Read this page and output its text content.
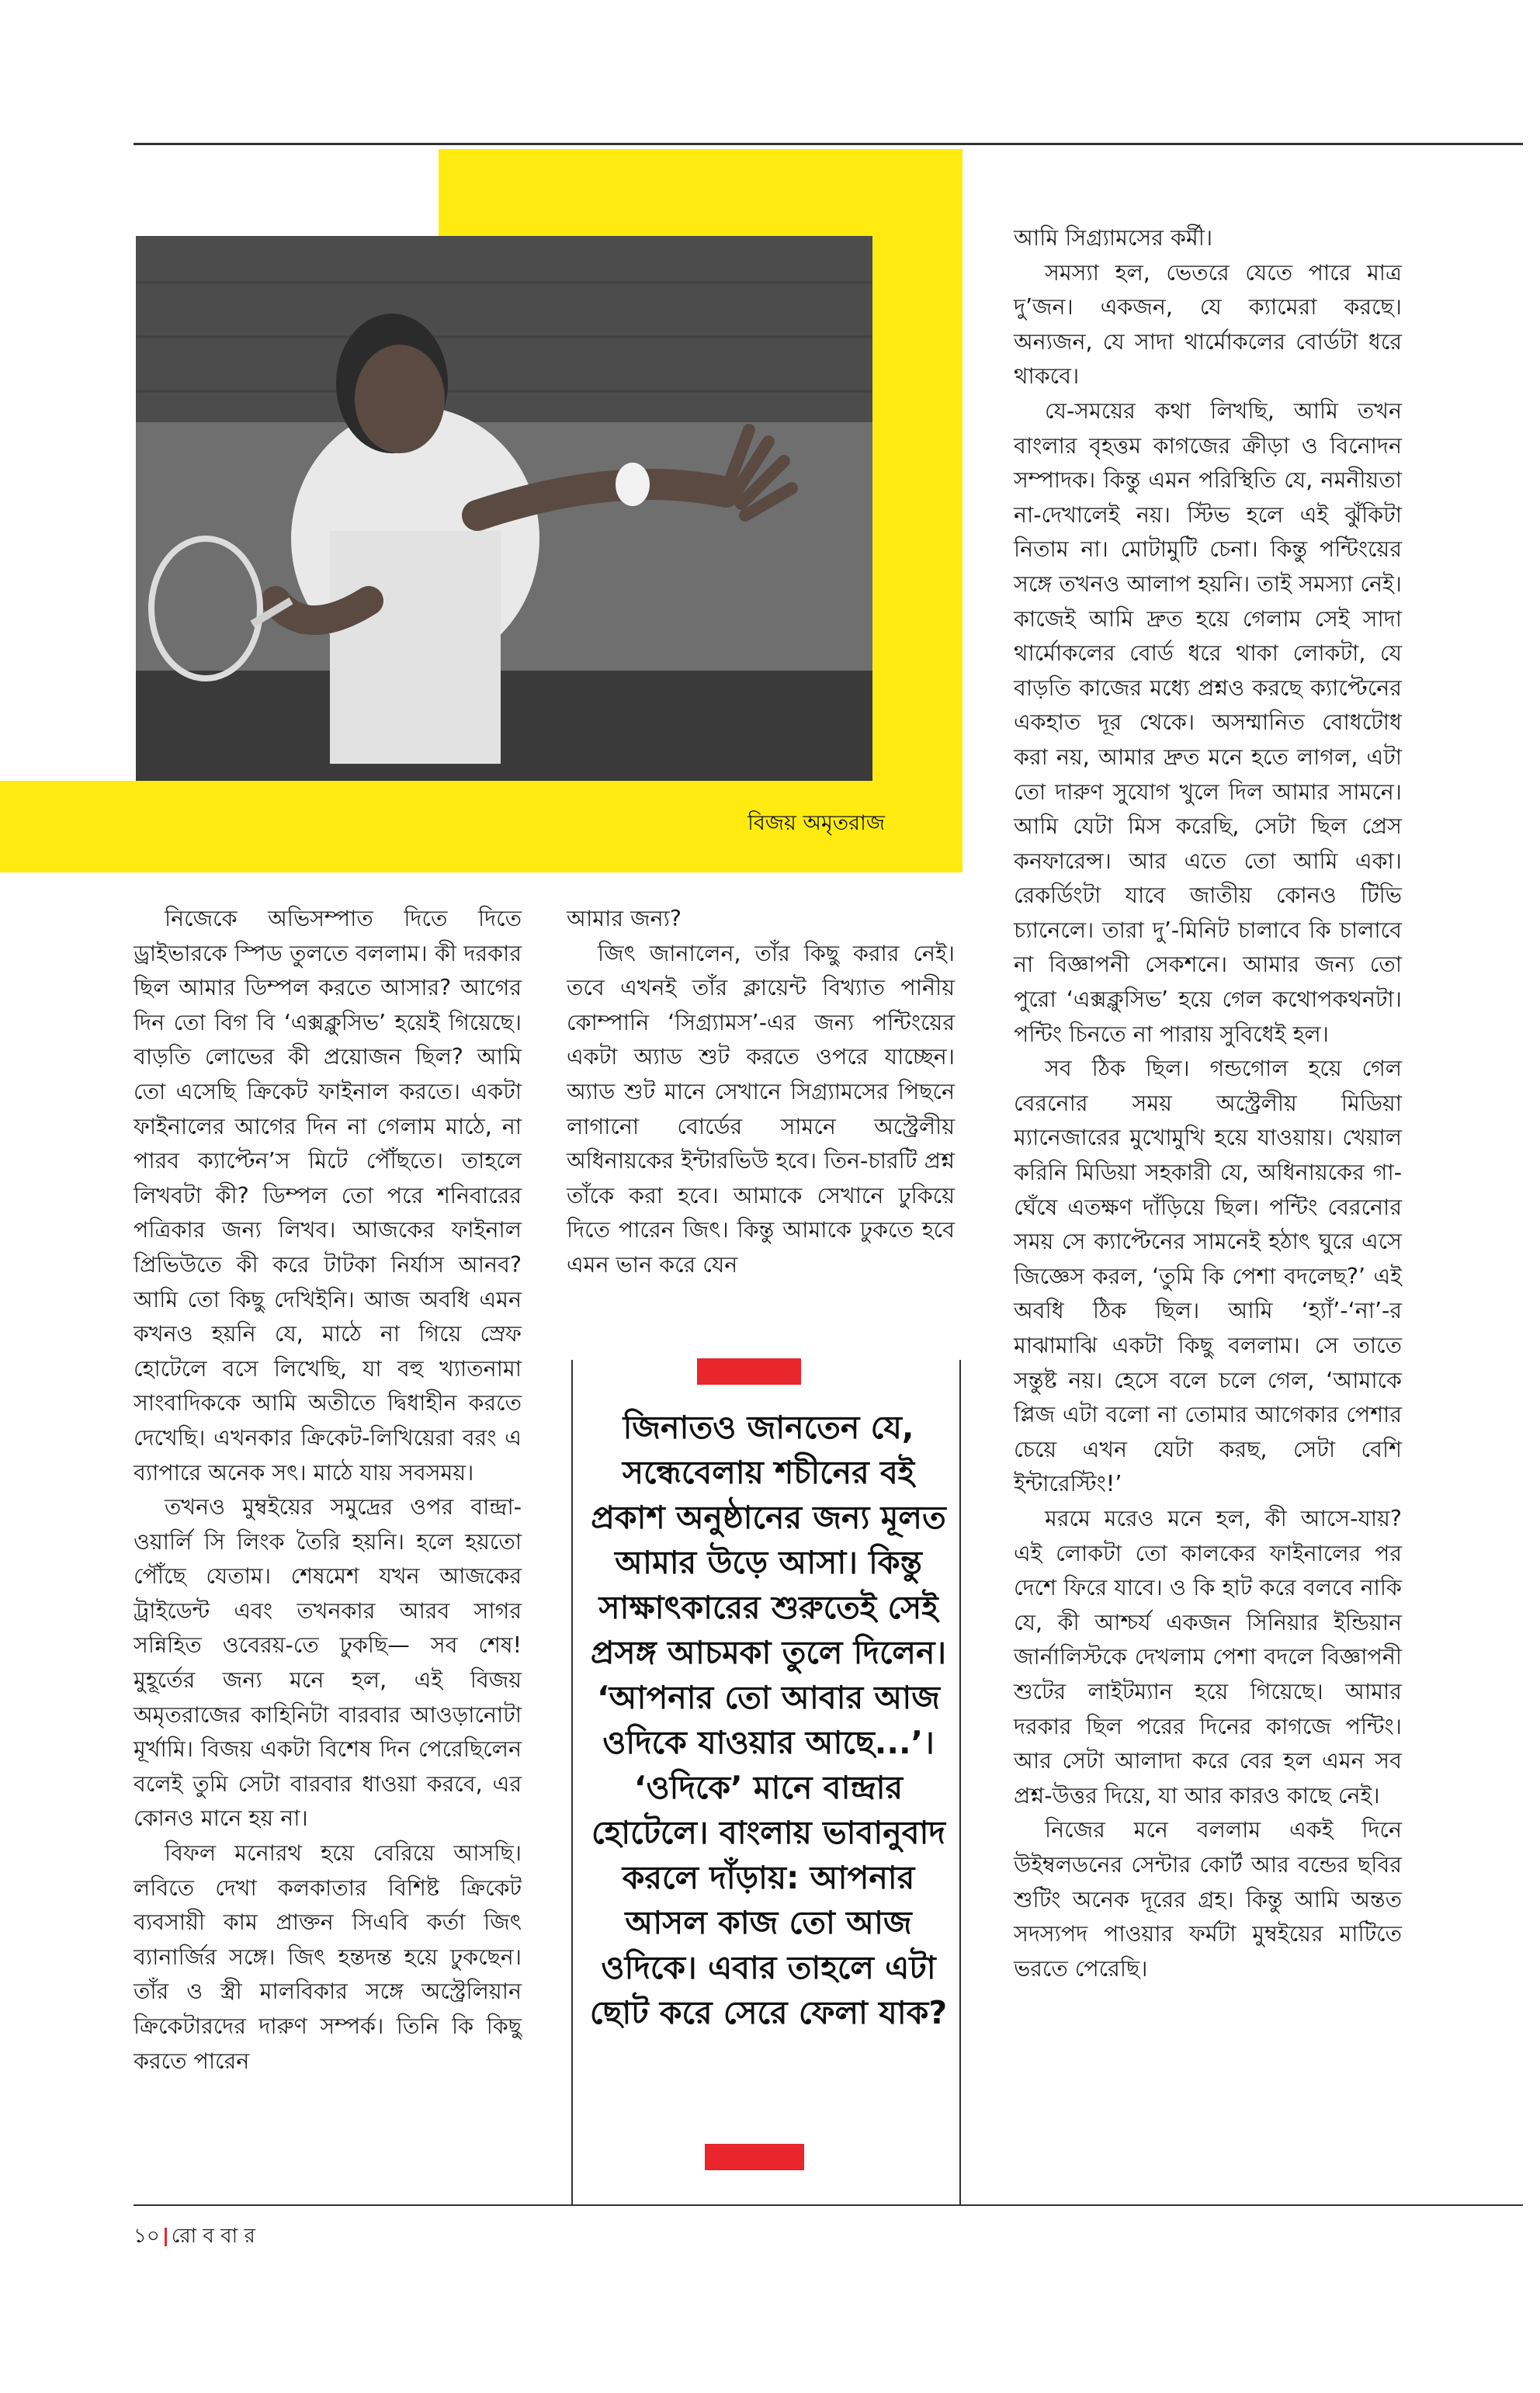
বিজয় অমৃতরাজ

নিজেকে অভিসম্পাত দিতে দিতে ড্রাইভারকে স্পিড তুলতে বললাম। কী দরকার ছিল আমার ডিম্পল করতে আসার? আগের দিন তো বিগ বি ‘এক্সক্লুসিভ’ হয়েই গিয়েছে। বাড়তি লোভের কী প্রয়োজন ছিল? আমি তো এসেছি ক্রিকেট ফাইনাল করতে। একটা ফাইনালের আগের দিন না গেলাম মাঠে, না পারব ক্যাপ্টেন’স মিটে পৌঁছতে। তাহলে লিখবটা কী? ডিম্পল তো পরে শনিবারের পত্রিকার জন্য লিখব। আজকের ফাইনাল প্রিভিউতে কী করে টাটকা নির্যাস আনব? আমি তো কিছু দেখিইনি। আজ অবধি এমন কখনও হয়নি যে, মাঠে না গিয়ে স্রেফ হোটেলে বসে লিখেছি, যা বহু খ্যাতনামা সাংবাদিককে আমি অতীতে দ্বিধাহীন করতে দেখেছি। এখনকার ক্রিকেট-লিখিয়েরা বরং এ ব্যাপারে অনেক সৎ। মাঠে যায় সবসময়।

তখনও মুম্বইয়ের সমুদ্রের ওপর বান্দ্রা-ওয়ার্লি সি লিংক তৈরি হয়নি। হলে হয়তো পৌঁছে যেতাম। শেষমেশ যখন আজকের ট্রাইডেন্ট এবং তখনকার আরব সাগর সন্নিহিত ওবেরয়-তে ঢুকছি— সব শেষ! মুহূর্তের জন্য মনে হল, এই বিজয় অমৃতরাজের কাহিনিটা বারবার আওড়ানোটা মূর্খামি। বিজয় একটা বিশেষ দিন পেরেছিলেন বলেই তুমি সেটা বারবার ধাওয়া করবে, এর কোনও মানে হয় না।

বিফল মনোরথ হয়ে বেরিয়ে আসছি। লবিতে দেখা কলকাতার বিশিষ্ট ক্রিকেট ব্যবসায়ী কাম প্রাক্তন সিএবি কর্তা জিৎ ব্যানার্জির সঙ্গে। জিৎ হন্তদন্ত হয়ে ঢুকছেন। তাঁর ও স্ত্রী মালবিকার সঙ্গে অস্ট্রেলিয়ান ক্রিকেটারদের দারুণ সম্পর্ক। তিনি কি কিছু করতে পারেন

আমার জন্য?

জিৎ জানালেন, তাঁর কিছু করার নেই। তবে এখনই তাঁর ক্লায়েন্ট বিখ্যাত পানীয় কোম্পানি ‘সিগ্র্যামস’-এর জন্য পন্টিংয়ের একটা অ্যাড শুট করতে ওপরে যাচ্ছেন। অ্যাড শুট মানে সেখানে সিগ্র্যামসের পিছনে লাগানো বোর্ডের সামনে অস্ট্রেলীয় অধিনায়কের ইন্টারভিউ হবে। তিন-চারটি প্রশ্ন তাঁকে করা হবে। আমাকে সেখানে ঢুকিয়ে দিতে পারেন জিৎ। কিন্তু আমাকে ঢুকতে হবে এমন ভান করে যেন

জিনাতও জানতেন যে, সন্ধেবেলায় শচীনের বই প্রকাশ অনুষ্ঠানের জন্য মূলত আমার উড়ে আসা। কিন্তু সাক্ষাৎকারের শুরুতেই সেই প্রসঙ্গ আচমকা তুলে দিলেন। ‘আপনার তো আবার আজ ওদিকে যাওয়ার আছে...’। ‘ওদিকে’ মানে বান্দ্রার হোটেলে। বাংলায় ভাবানুবাদ করলে দাঁড়ায়: আপনার আসল কাজ তো আজ ওদিকে। এবার তাহলে এটা ছোট করে সেরে ফেলা যাক?

আমি সিগ্র্যামসের কর্মী।

সমস্যা হল, ভেতরে যেতে পারে মাত্র দু’জন। একজন, যে ক্যামেরা করছে। অন্যজন, যে সাদা থার্মোকলের বোর্ডটা ধরে থাকবে।

যে-সময়ের কথা লিখছি, আমি তখন বাংলার বৃহত্তম কাগজের ক্রীড়া ও বিনোদন সম্পাদক। কিন্তু এমন পরিস্থিতি যে, নমনীয়তা না-দেখালেই নয়। স্টিভ হলে এই ঝুঁকিটা নিতাম না। মোটামুটি চেনা। কিন্তু পন্টিংয়ের সঙ্গে তখনও আলাপ হয়নি। তাই সমস্যা নেই। কাজেই আমি দ্রুত হয়ে গেলাম সেই সাদা থার্মোকলের বোর্ড ধরে থাকা লোকটা, যে বাড়তি কাজের মধ্যে প্রশ্নও করছে ক্যাপ্টেনের একহাত দূর থেকে। অসম্মানিত বোধটোধ করা নয়, আমার দ্রুত মনে হতে লাগল, এটা তো দারুণ সুযোগ খুলে দিল আমার সামনে। আমি যেটা মিস করেছি, সেটা ছিল প্রেস কনফারেন্স। আর এতে তো আমি একা। রেকর্ডিংটা যাবে জাতীয় কোনও টিভি চ্যানেলে। তারা দু’-মিনিট চালাবে কি চালাবে না বিজ্ঞাপনী সেকশনে। আমার জন্য তো পুরো ‘এক্সক্লুসিভ’ হয়ে গেল কথোপকথনটা। পন্টিং চিনতে না পারায় সুবিধেই হল।

সব ঠিক ছিল। গন্ডগোল হয়ে গেল বেরনোর সময় অস্ট্রেলীয় মিডিয়া ম্যানেজারের মুখোমুখি হয়ে যাওয়ায়। খেয়াল করিনি মিডিয়া সহকারী যে, অধিনায়কের গা-ঘেঁষে এতক্ষণ দাঁড়িয়ে ছিল। পন্টিং বেরনোর সময় সে ক্যাপ্টেনের সামনেই হঠাৎ ঘুরে এসে জিজ্ঞেস করল, ‘তুমি কি পেশা বদলেছ?’ এই অবধি ঠিক ছিল। আমি ‘হ্যাঁ’-‘না’-র মাঝামাঝি একটা কিছু বললাম। সে তাতে সন্তুষ্ট নয়। হেসে বলে চলে গেল, ‘আমাকে প্লিজ এটা বলো না তোমার আগেকার পেশার চেয়ে এখন যেটা করছ, সেটা বেশি ইন্টারেস্টিং!’

মরমে মরেও মনে হল, কী আসে-যায়? এই লোকটা তো কালকের ফাইনালের পর দেশে ফিরে যাবে। ও কি হাট করে বলবে নাকি যে, কী আশ্চর্য একজন সিনিয়ার ইন্ডিয়ান জার্নালিস্টকে দেখলাম পেশা বদলে বিজ্ঞাপনী শুটের লাইটম্যান হয়ে গিয়েছে। আমার দরকার ছিল পরের দিনের কাগজে পন্টিং। আর সেটা আলাদা করে বের হল এমন সব প্রশ্ন-উত্তর দিয়ে, যা আর কারও কাছে নেই।

নিজের মনে বললাম একই দিনে উইম্বলডনের সেন্টার কোর্ট আর বন্ডের ছবির শুটিং অনেক দূরের গ্রহ। কিন্তু আমি অন্তত সদস্যপদ পাওয়ার ফর্মটা মুম্বইয়ের মাটিতে ভরতে পেরেছি।

১০ রো ব বা র
